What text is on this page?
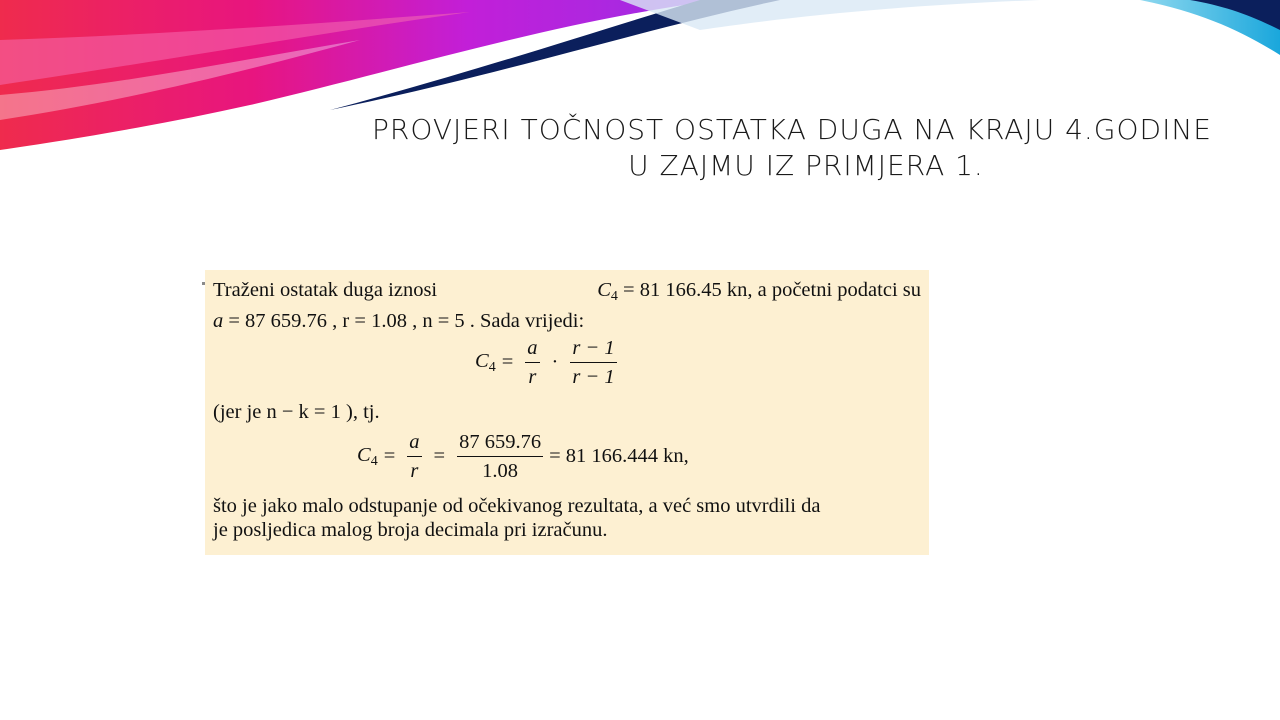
PROVJERI TOČNOST OSTATKA DUGA NA KRAJU 4.GODINE
U ZAJMU IZ PRIMJERA 1.
Traženi ostatak duga iznosi	$C_4 = 81$ 166.45 kn, a početni podatci su
a = 87 659.76 , r = 1.08 , n = 5 . Sada vrijedi:
$C_4 = \frac{a}{r} \cdot \frac{r - 1}{r - 1}$
(jer je n − k = 1 ), tj.
$C_4 = \frac{a}{r} = \frac{87 659.76}{1.08} = 81$ 166.444 kn,
što je jako malo odstupanje od očekivanog rezultata, a već smo utvrdili da
je posljedica malog broja decimala pri izračunu.
